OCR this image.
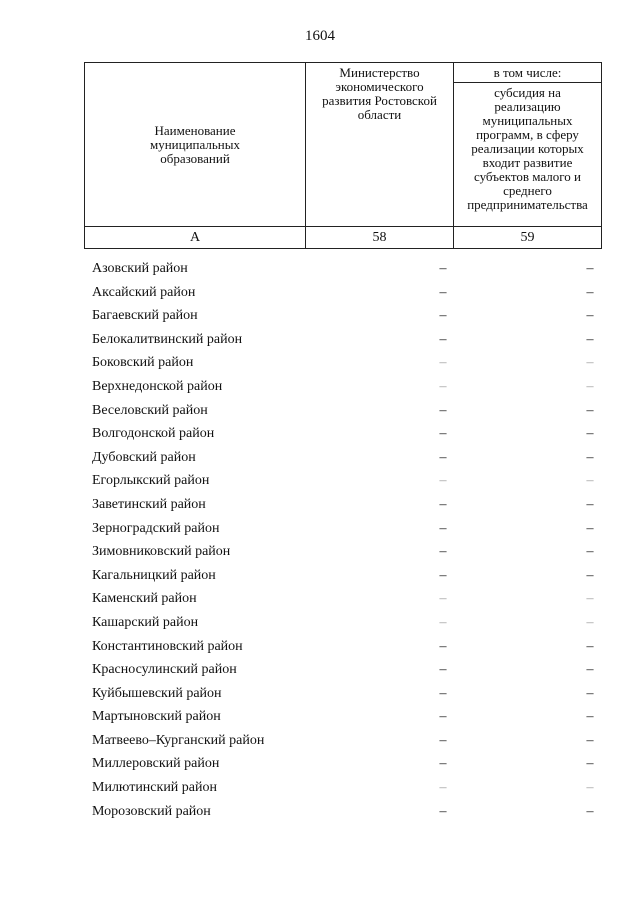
1604
Наименование муниципальных образований	Министерство экономического развития Ростовской области	в том числе:

		субсидия на реализацию муниципальных программ, в сферу реализации которых входит развитие субъектов малого и среднего предпринимательства

А	58	59
Азовский район	–	–
Аксайский район	–	–
Багаевский район	–	–
Белокалитвинский район	–	–
Боковский район	–	–
Верхнедонской район	–	–
Веселовский район	–	–
Волгодонской район	–	–
Дубовский район	–	–
Егорлыкский район	–	–
Заветинский район	–	–
Зерноградский район	–	–
Зимовниковский район	–	–
Кагальницкий район	–	–
Каменский район	–	–
Кашарский район	–	–
Константиновский район	–	–
Красносулинский район	–	–
Куйбышевский район	–	–
Мартыновский район	–	–
Матвеево–Курганский район	–	–
Миллеровский район	–	–
Милютинский район	–	–
Морозовский район	–	–
